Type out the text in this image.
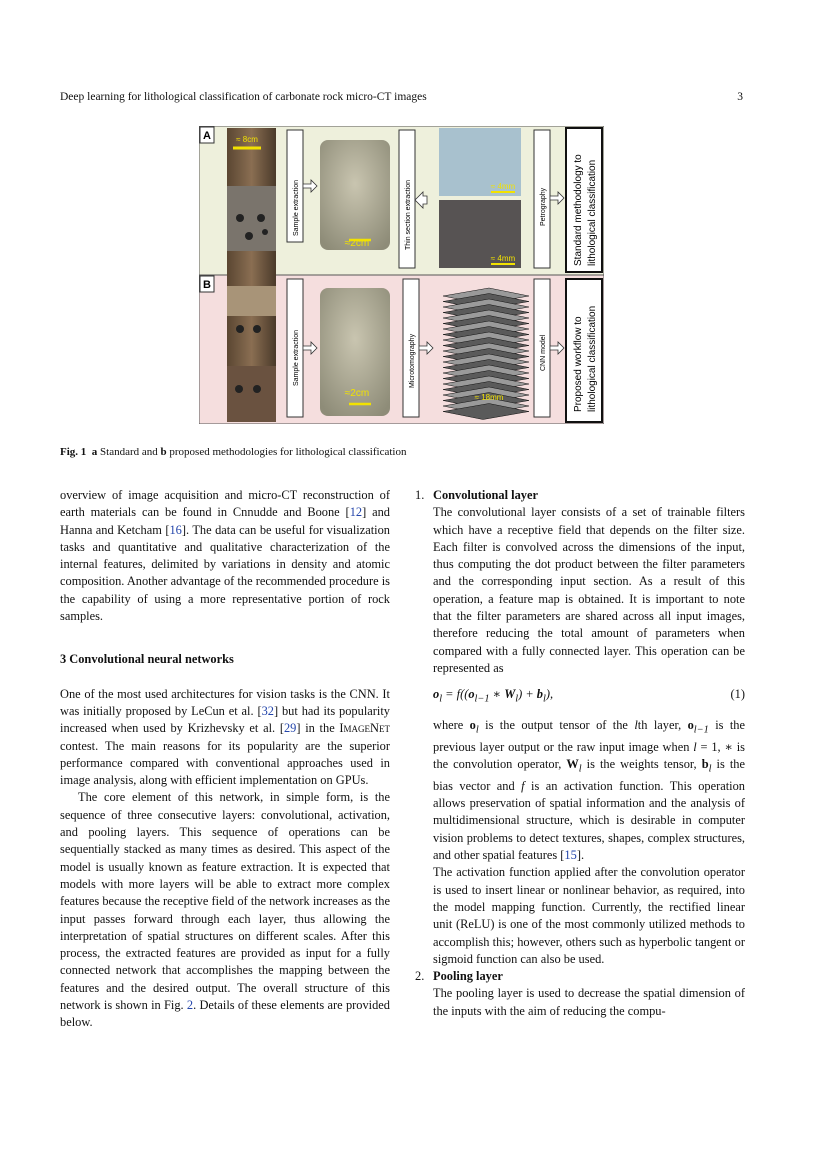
Deep learning for lithological classification of carbonate rock micro-CT images	3
A
B
≈ 8cm
Sample extraction
≈2cm	Thin section extraction	≈ 4mm
≈ 4mm
Petrography	Standard methodology to lithological classification
Sample extraction
≈2cm
Microtomography
≈ 18mm
CNN model	Proposed workflow to lithological classification
Fig. 1 a Standard and b proposed methodologies for lithological classification

overview of image acquisition and micro-CT reconstruction of earth materials can be found in Cnnudde and Boone [12] and Hanna and Ketcham [16]. The data can be useful for visualization tasks and quantitative and qualitative characterization of the internal features, delimited by variations in density and atomic composition. Another advantage of the recommended procedure is the capability of using a more representative portion of rock samples.

3 Convolutional neural networks

One of the most used architectures for vision tasks is the CNN. It was initially proposed by LeCun et al. [32] but had its popularity increased when used by Krizhevsky et al. [29] in the ImageNet contest. The main reasons for its popularity are the superior performance compared with conventional approaches used in image analysis, along with efficient implementation on GPUs.

The core element of this network, in simple form, is the sequence of three consecutive layers: convolutional, activation, and pooling layers. This sequence of operations can be sequentially stacked as many times as desired. This aspect of the model is usually known as feature extraction. It is expected that models with more layers will be able to extract more complex features because the receptive field of the network increases as the input passes forward through each layer, thus allowing the interpretation of spatial structures on different scales. After this process, the extracted features are provided as input for a fully connected network that accomplishes the mapping between the features and the desired output. The overall structure of this network is shown in Fig. 2. Details of these elements are provided below.

1. Convolutional layer

The convolutional layer consists of a set of trainable filters which have a receptive field that depends on the filter size. Each filter is convolved across the dimensions of the input, thus computing the dot product between the filter parameters and the corresponding input section. As a result of this operation, a feature map is obtained. It is important to note that the filter parameters are shared across all input images, therefore reducing the total amount of parameters when compared with a fully connected layer. This operation can be represented as

$o_l = f((o_{l-1}$ ∗ $W_l) + b_l$),	(1)

where $o_l$ is the output tensor of the lth layer, $o_{l-1}$ is the previous layer output or the raw input image when l = 1, ∗ is the convolution operator, $W_l$ is the weights tensor, $b_l$ is the bias vector and f is an activation function. This operation allows preservation of spatial information and the analysis of multidimensional structure, which is desirable in computer vision problems to detect textures, shapes, complex structures, and other spatial features [15].

The activation function applied after the convolution operator is used to insert linear or nonlinear behavior, as required, into the model mapping function. Currently, the rectified linear unit (ReLU) is one of the most commonly utilized methods to accomplish this; however, others such as hyperbolic tangent or sigmoid function can also be used.

2. Pooling layer

The pooling layer is used to decrease the spatial dimension of the inputs with the aim of reducing the compu-
